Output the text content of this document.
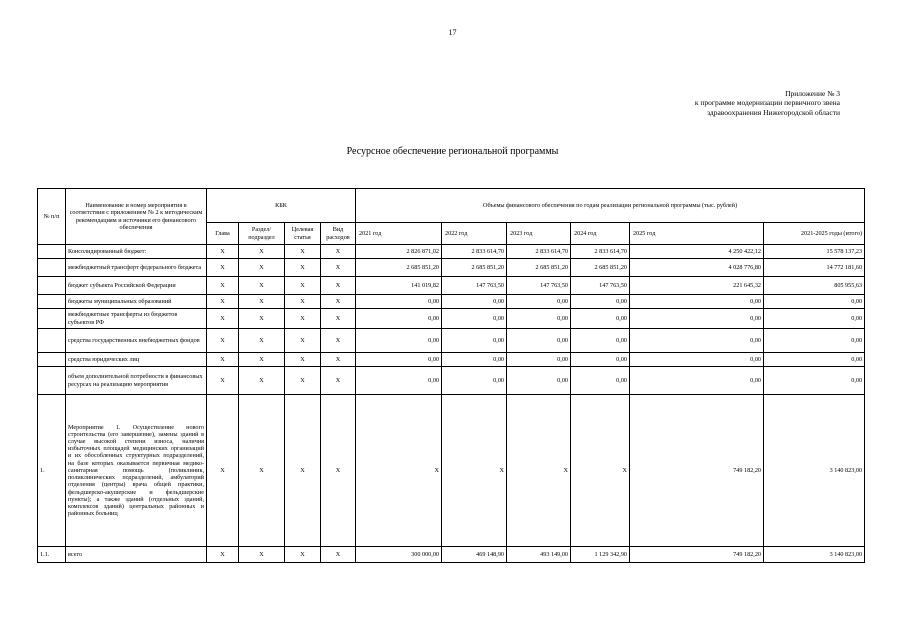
17
Приложение № 3
к программе модернизации первичного звена
здравоохранения Нижегородской области
Ресурсное обеспечение региональной программы
№ п/п	Наименование и номер мероприятия в соответствии с приложением № 2 к методическим рекомендациям и источники его финансового обеспечения	КБК				Объемы финансового обеспечения по годам реализации региональной программы (тыс. рублей)					
		Глава	Раздел/ подраздел	Целевая статья	Вид расходов	2021 год	2022 год	2023 год	2024 год	2025 год	2021-2025 годы (итого)
	Консолидированный бюджет:	Х	Х	Х	Х	2 826 871,02	2 833 614,70	2 833 614,70	2 833 614,70	4 250 422,12	15 578 137,23
	межбюджетный трансферт федерального бюджета	Х	Х	Х	Х	2 685 851,20	2 685 851,20	2 685 851,20	2 685 851,20	4 028 776,80	14 772 181,60
	бюджет субъекта Российской Федерации	Х	Х	Х	Х	141 019,82	147 763,50	147 763,50	147 763,50	221 645,32	805 955,63
	бюджеты муниципальных образований	Х	Х	Х	Х	0,00	0,00	0,00	0,00	0,00	0,00
	межбюджетные трансферты из бюджетов субъектов РФ	Х	Х	Х	Х	0,00	0,00	0,00	0,00	0,00	0,00
	средства государственных внебюджетных фондов	Х	Х	Х	Х	0,00	0,00	0,00	0,00	0,00	0,00
	средства юридических лиц	Х	Х	Х	Х	0,00	0,00	0,00	0,00	0,00	0,00
	объем дополнительной потребности в финансовых ресурсах на реализацию мероприятия	Х	Х	Х	Х	0,00	0,00	0,00	0,00	0,00	0,00
1.	Мероприятие 1. Осуществление нового строительства (его завершение), замены зданий в случае высокой степени износа, наличия избыточных площадей медицинских организаций и их обособленных структурных подразделений, на базе которых оказывается первичная медико-санитарная помощь (поликлиник, поликлинических подразделений, амбулаторий отделения (центры) врача общей практики, фельдшерско-акушерские и фельдшерские пункты); а также зданий (отдельных зданий, комплексов зданий) центральных районных и районных больниц	Х	Х	Х	Х	Х	Х	Х	Х	749 182,20	3 140 823,00
1.1.	всего	Х	Х	Х	Х	300 000,00	469 148,90	493 149,00	1 129 342,90	749 182,20	3 140 823,00
